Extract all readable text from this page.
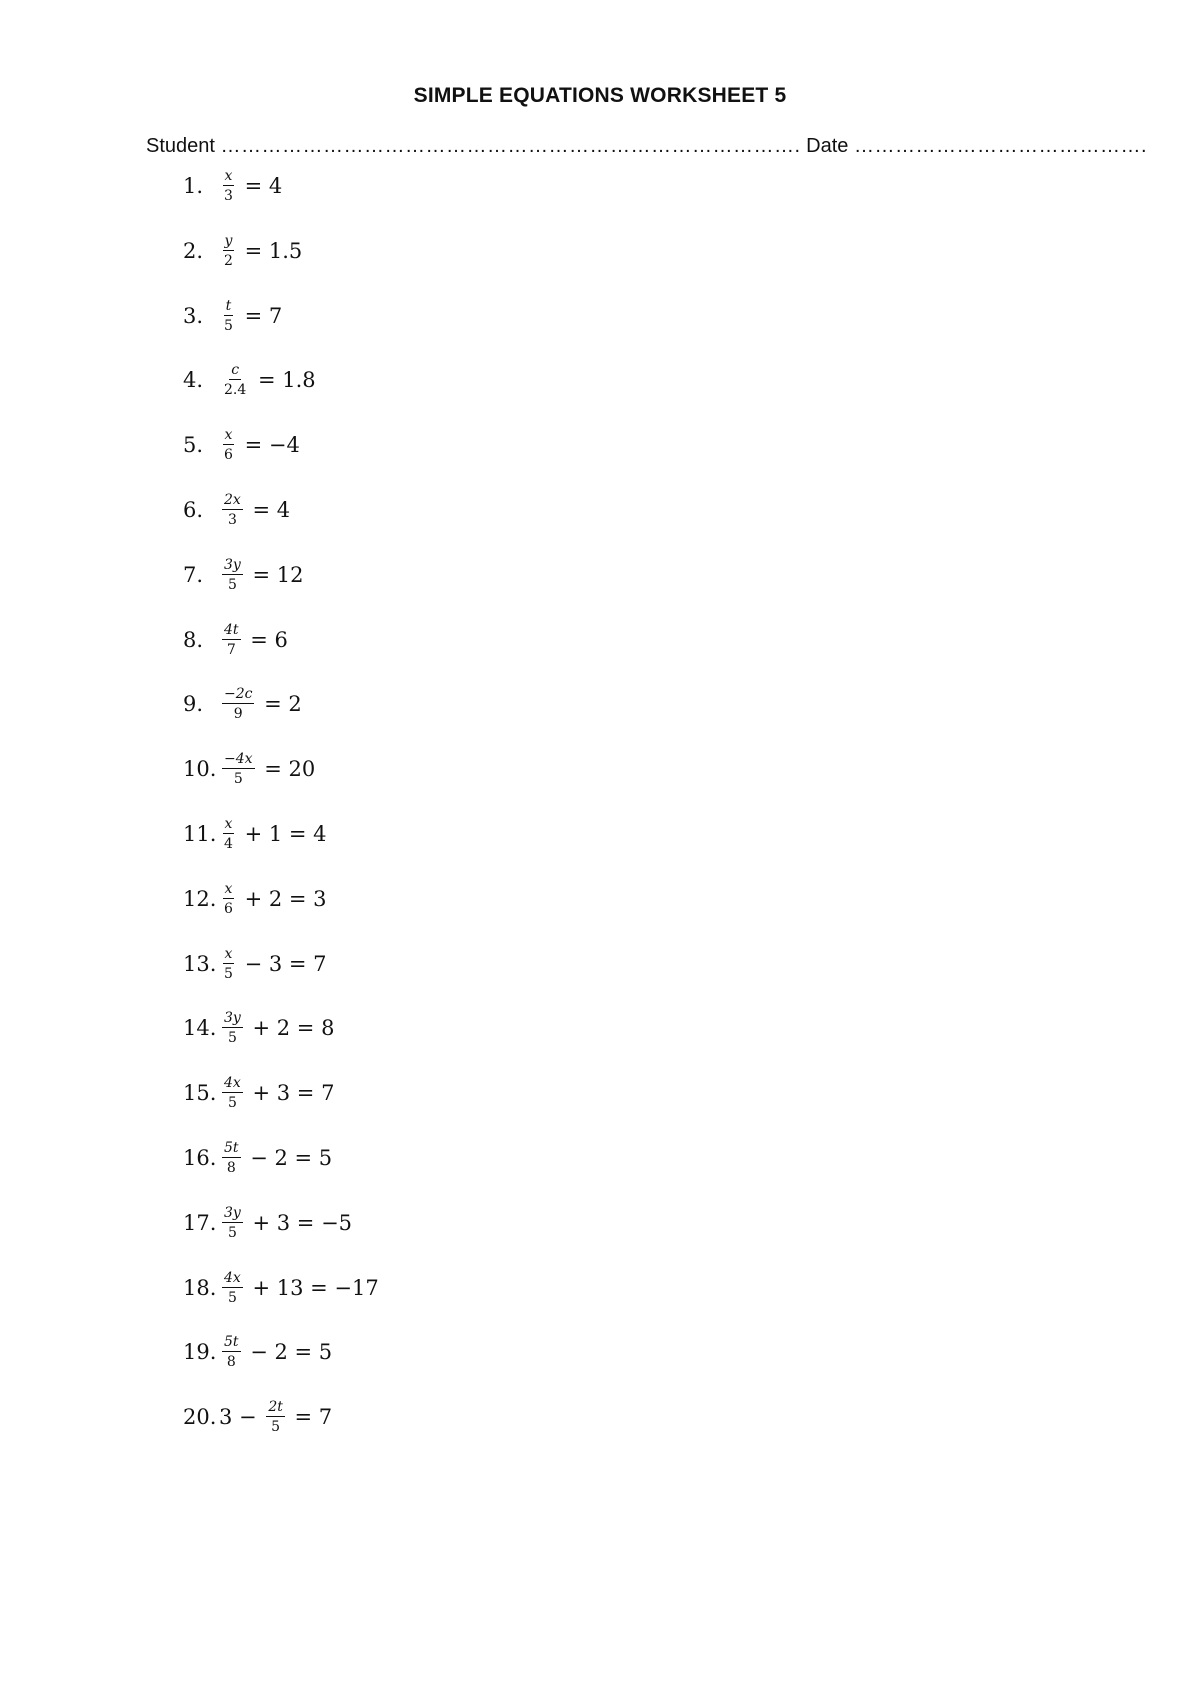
SIMPLE EQUATIONS WORKSHEET 5
Student …………………………………………………………………………. Date …………………………………….
1.	$\frac{x}{3} = 4$
2.	$\frac{y}{2} = 1.5$
3.	$\frac{t}{5} = 7$
4.	$\frac{c}{2.4} = 1.8$
5.	$\frac{x}{6} = -4$
6.	$\frac{2x}{3} = 4$
7.	$\frac{3y}{5} = 12$
8.	$\frac{4t}{7} = 6$
9.	$\frac{-2c}{9} = 2$
10. $\frac{-4x}{5} = 20$
11. $\frac{x}{4} + 1 = 4$
12. $\frac{x}{6} + 2 = 3$
13. $\frac{x}{5} - 3 = 7$
14. $\frac{3y}{5} + 2 = 8$
15. $\frac{4x}{5} + 3 = 7$
16. $\frac{5t}{8} - 2 = 5$
17. $\frac{3y}{5} + 3 = -5$
18. $\frac{4x}{5} + 13 = -17$
19. $\frac{5t}{8} - 2 = 5$
20. $3 - \frac{2t}{5} = 7$
